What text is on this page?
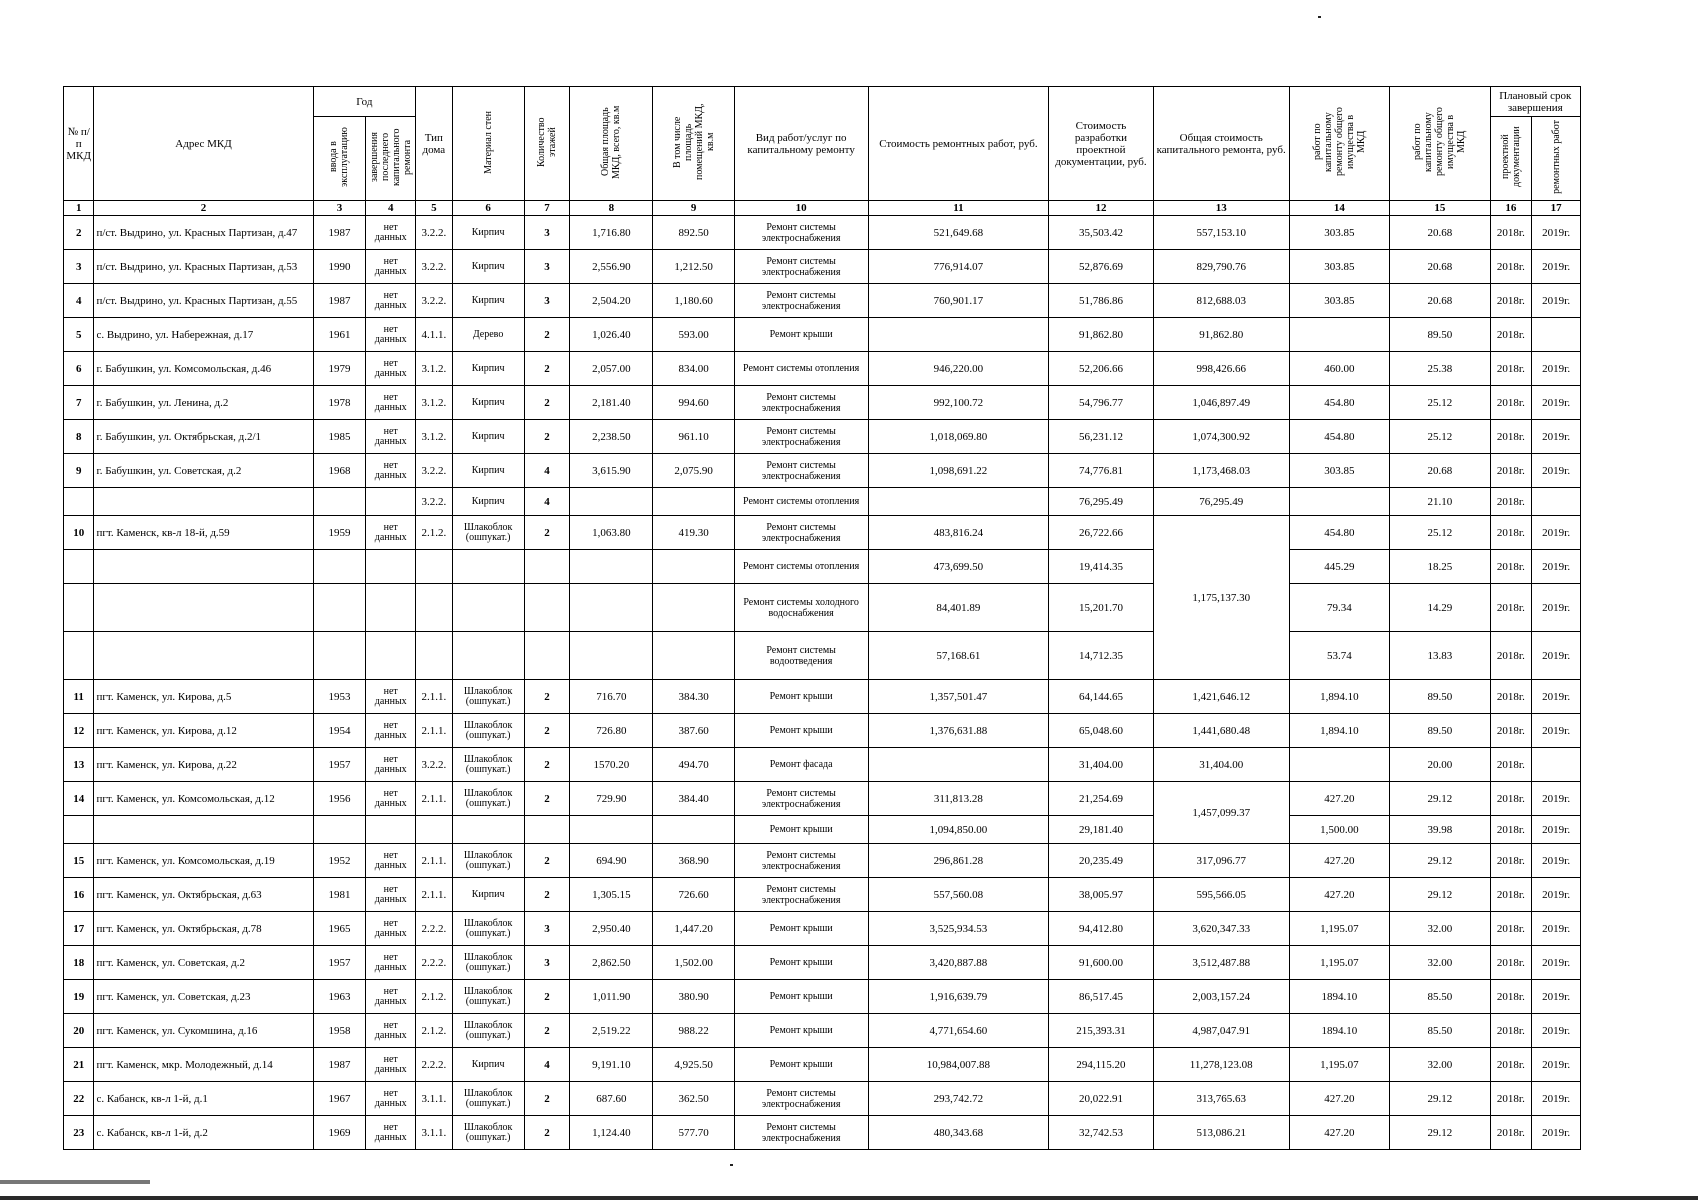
№ п/п МКД	Адрес МКД	Год		Тип дома	Материал стен	Количество этажей	Общая площадь МКД, всего, кв.м	В том числе площадь помещений МКД, кв.м	Вид работ/услуг по капитальному ремонту	Стоимость ремонтных работ, руб.	Стоимость разработки проектной документации, руб.	Общая стоимость капитального ремонта, руб.	работ по капитальному ремонту общего имущества в МКД	работ по капитальному ремонту общего имущества в МКД	Плановый срок завершения	
		ввода в эксплуатацию	завершения последнего капитального ремонта												проектной документации	ремонтных работ
1	2	3	4	5	6	7	8	9	10	11	12	13	14	15	16	17
2	п/ст. Выдрино, ул. Красных Партизан, д.47	1987	нет данных	3.2.2.	Кирпич	3	1,716.80	892.50	Ремонт системы электроснабжения	521,649.68	35,503.42	557,153.10	303.85	20.68	2018г.	2019г.
3	п/ст. Выдрино, ул. Красных Партизан, д.53	1990	нет данных	3.2.2.	Кирпич	3	2,556.90	1,212.50	Ремонт системы электроснабжения	776,914.07	52,876.69	829,790.76	303.85	20.68	2018г.	2019г.
4	п/ст. Выдрино, ул. Красных Партизан, д.55	1987	нет данных	3.2.2.	Кирпич	3	2,504.20	1,180.60	Ремонт системы электроснабжения	760,901.17	51,786.86	812,688.03	303.85	20.68	2018г.	2019г.
5	с. Выдрино, ул. Набережная, д.17	1961	нет данных	4.1.1.	Дерево	2	1,026.40	593.00	Ремонт крыши		91,862.80	91,862.80		89.50	2018г.	
6	г. Бабушкин, ул. Комсомольская, д.46	1979	нет данных	3.1.2.	Кирпич	2	2,057.00	834.00	Ремонт системы отопления	946,220.00	52,206.66	998,426.66	460.00	25.38	2018г.	2019г.
7	г. Бабушкин, ул. Ленина, д.2	1978	нет данных	3.1.2.	Кирпич	2	2,181.40	994.60	Ремонт системы электроснабжения	992,100.72	54,796.77	1,046,897.49	454.80	25.12	2018г.	2019г.
8	г. Бабушкин, ул. Октябрьская, д.2/1	1985	нет данных	3.1.2.	Кирпич	2	2,238.50	961.10	Ремонт системы электроснабжения	1,018,069.80	56,231.12	1,074,300.92	454.80	25.12	2018г.	2019г.
9	г. Бабушкин, ул. Советская, д.2	1968	нет данных	3.2.2.	Кирпич	4	3,615.90	2,075.90	Ремонт системы электроснабжения	1,098,691.22	74,776.81	1,173,468.03	303.85	20.68	2018г.	2019г.
				3.2.2.	Кирпич	4			Ремонт системы отопления		76,295.49	76,295.49		21.10	2018г.	
10	пгт. Каменск, кв-л 18-й, д.59	1959	нет данных	2.1.2.	Шлакоблок (ошпукат.)	2	1,063.80	419.30	Ремонт системы электроснабжения	483,816.24	26,722.66	1,175,137.30	454.80	25.12	2018г.	2019г.
									Ремонт системы отопления	473,699.50	19,414.35		445.29	18.25	2018г.	2019г.
									Ремонт системы холодного водоснабжения	84,401.89	15,201.70		79.34	14.29	2018г.	2019г.
									Ремонт системы водоотведения	57,168.61	14,712.35		53.74	13.83	2018г.	2019г.
11	пгт. Каменск, ул. Кирова, д.5	1953	нет данных	2.1.1.	Шлакоблок (ошпукат.)	2	716.70	384.30	Ремонт крыши	1,357,501.47	64,144.65	1,421,646.12	1,894.10	89.50	2018г.	2019г.
12	пгт. Каменск, ул. Кирова, д.12	1954	нет данных	2.1.1.	Шлакоблок (ошпукат.)	2	726.80	387.60	Ремонт крыши	1,376,631.88	65,048.60	1,441,680.48	1,894.10	89.50	2018г.	2019г.
13	пгт. Каменск, ул. Кирова, д.22	1957	нет данных	3.2.2.	Шлакоблок (ошпукат.)	2	1570.20	494.70	Ремонт фасада		31,404.00	31,404.00		20.00	2018г.	
14	пгт. Каменск, ул. Комсомольская, д.12	1956	нет данных	2.1.1.	Шлакоблок (ошпукат.)	2	729.90	384.40	Ремонт системы электроснабжения	311,813.28	21,254.69	1,457,099.37	427.20	29.12	2018г.	2019г.
									Ремонт крыши	1,094,850.00	29,181.40		1,500.00	39.98	2018г.	2019г.
15	пгт. Каменск, ул. Комсомольская, д.19	1952	нет данных	2.1.1.	Шлакоблок (ошпукат.)	2	694.90	368.90	Ремонт системы электроснабжения	296,861.28	20,235.49	317,096.77	427.20	29.12	2018г.	2019г.
16	пгт. Каменск, ул. Октябрьская, д.63	1981	нет данных	2.1.1.	Кирпич	2	1,305.15	726.60	Ремонт системы электроснабжения	557,560.08	38,005.97	595,566.05	427.20	29.12	2018г.	2019г.
17	пгт. Каменск, ул. Октябрьская, д.78	1965	нет данных	2.2.2.	Шлакоблок (ошпукат.)	3	2,950.40	1,447.20	Ремонт крыши	3,525,934.53	94,412.80	3,620,347.33	1,195.07	32.00	2018г.	2019г.
18	пгт. Каменск, ул. Советская, д.2	1957	нет данных	2.2.2.	Шлакоблок (ошпукат.)	3	2,862.50	1,502.00	Ремонт крыши	3,420,887.88	91,600.00	3,512,487.88	1,195.07	32.00	2018г.	2019г.
19	пгт. Каменск, ул. Советская, д.23	1963	нет данных	2.1.2.	Шлакоблок (ошпукат.)	2	1,011.90	380.90	Ремонт крыши	1,916,639.79	86,517.45	2,003,157.24	1894.10	85.50	2018г.	2019г.
20	пгт. Каменск, ул. Сукомшина, д.16	1958	нет данных	2.1.2.	Шлакоблок (ошпукат.)	2	2,519.22	988.22	Ремонт крыши	4,771,654.60	215,393.31	4,987,047.91	1894.10	85.50	2018г.	2019г.
21	пгт. Каменск, мкр. Молодежный, д.14	1987	нет данных	2.2.2.	Кирпич	4	9,191.10	4,925.50	Ремонт крыши	10,984,007.88	294,115.20	11,278,123.08	1,195.07	32.00	2018г.	2019г.
22	с. Кабанск, кв-л 1-й, д.1	1967	нет данных	3.1.1.	Шлакоблок (ошпукат.)	2	687.60	362.50	Ремонт системы электроснабжения	293,742.72	20,022.91	313,765.63	427.20	29.12	2018г.	2019г.
23	с. Кабанск, кв-л 1-й, д.2	1969	нет данных	3.1.1.	Шлакоблок (ошпукат.)	2	1,124.40	577.70	Ремонт системы электроснабжения	480,343.68	32,742.53	513,086.21	427.20	29.12	2018г.	2019г.
